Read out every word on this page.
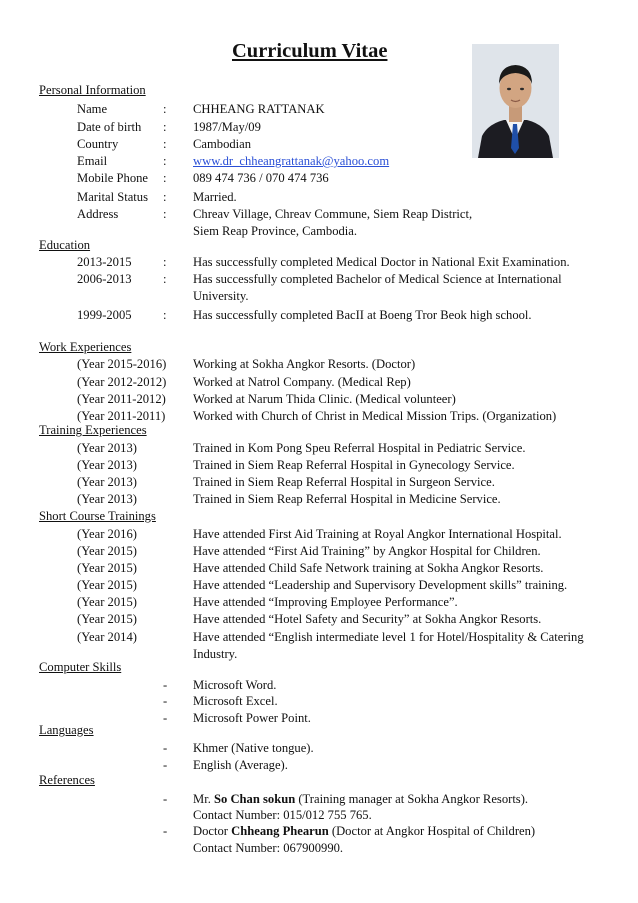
Curriculum Vitae
Personal Information
Name	: CHHEANG RATTANAK
Date of birth : 1987/May/09
Country	: Cambodian
Email	: www.dr_chheangrattanak@yahoo.com
Mobile Phone : 089 474 736 / 070 474 736
Marital Status : Married.
Address	: Chreav Village, Chreav Commune, Siem Reap District,
Siem Reap Province, Cambodia.
Education
2013-2015 : Has successfully completed Medical Doctor in National Exit Examination.
2006-2013 : Has successfully completed Bachelor of Medical Science at International
University.
1999-2005 : Has successfully completed BacII at Boeng Tror Beok high school.
Work Experiences
(Year 2015-2016) Working at Sokha Angkor Resorts. (Doctor)
(Year 2012-2012) Worked at Natrol Company. (Medical Rep)
(Year 2011-2012) Worked at Narum Thida Clinic. (Medical volunteer)
(Year 2011-2011) Worked with Church of Christ in Medical Mission Trips. (Organization)
Training Experiences
(Year 2013)	Trained in Kom Pong Speu Referral Hospital in Pediatric Service.
(Year 2013)	Trained in Siem Reap Referral Hospital in Gynecology Service.
(Year 2013)	Trained in Siem Reap Referral Hospital in Surgeon Service.
(Year 2013)	Trained in Siem Reap Referral Hospital in Medicine Service.
Short Course Trainings
(Year 2016)	Have attended First Aid Training at Royal Angkor International Hospital.
(Year 2015)	Have attended “First Aid Training” by Angkor Hospital for Children.
(Year 2015)	Have attended Child Safe Network training at Sokha Angkor Resorts.
(Year 2015)	Have attended “Leadership and Supervisory Development skills” training.
(Year 2015)	Have attended “Improving Employee Performance”.
(Year 2015)	Have attended “Hotel Safety and Security” at Sokha Angkor Resorts.
(Year 2014)	Have attended “English intermediate level 1 for Hotel/Hospitality & Catering
Industry.
Computer Skills
- Microsoft Word.
- Microsoft Excel.
- Microsoft Power Point.
Languages
- Khmer (Native tongue).
- English (Average).
References
- Mr. So Chan sokun (Training manager at Sokha Angkor Resorts).
Contact Number: 015/012 755 765.
- Doctor Chheang Phearun (Doctor at Angkor Hospital of Children)
Contact Number: 067900990.
